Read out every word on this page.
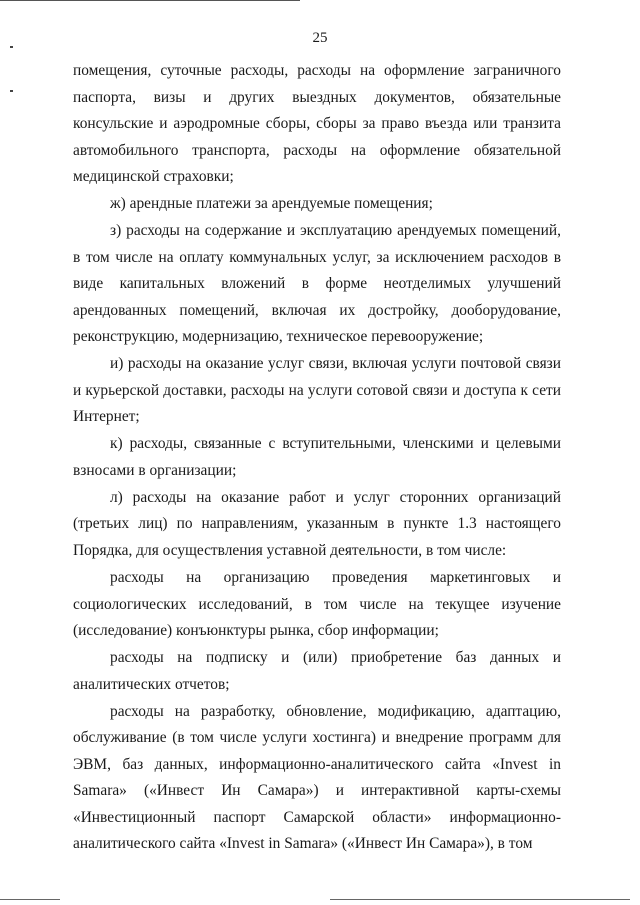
25

помещения, суточные расходы, расходы на оформление заграничного паспорта, визы и других выездных документов, обязательные консульские и аэродромные сборы, сборы за право въезда или транзита автомобильного транспорта, расходы на оформление обязательной медицинской страховки;

ж) арендные платежи за арендуемые помещения;

з) расходы на содержание и эксплуатацию арендуемых помещений, в том числе на оплату коммунальных услуг, за исключением расходов в виде капитальных вложений в форме неотделимых улучшений арендованных помещений, включая их достройку, дооборудование, реконструкцию, модернизацию, техническое перевооружение;

и) расходы на оказание услуг связи, включая услуги почтовой связи и курьерской доставки, расходы на услуги сотовой связи и доступа к сети Интернет;

к) расходы, связанные с вступительными, членскими и целевыми взносами в организации;

л) расходы на оказание работ и услуг сторонних организаций (третьих лиц) по направлениям, указанным в пункте 1.3 настоящего Порядка, для осуществления уставной деятельности, в том числе:

расходы на организацию проведения маркетинговых и социологических исследований, в том числе на текущее изучение (исследование) конъюнктуры рынка, сбор информации;

расходы на подписку и (или) приобретение баз данных и аналитических отчетов;

расходы на разработку, обновление, модификацию, адаптацию, обслуживание (в том числе услуги хостинга) и внедрение программ для ЭВМ, баз данных, информационно-аналитического сайта «Invest in Samara» («Инвест Ин Самара») и интерактивной карты-схемы «Инвестиционный паспорт Самарской области» информационно-аналитического сайта «Invest in Samara» («Инвест Ин Самара»), в том
